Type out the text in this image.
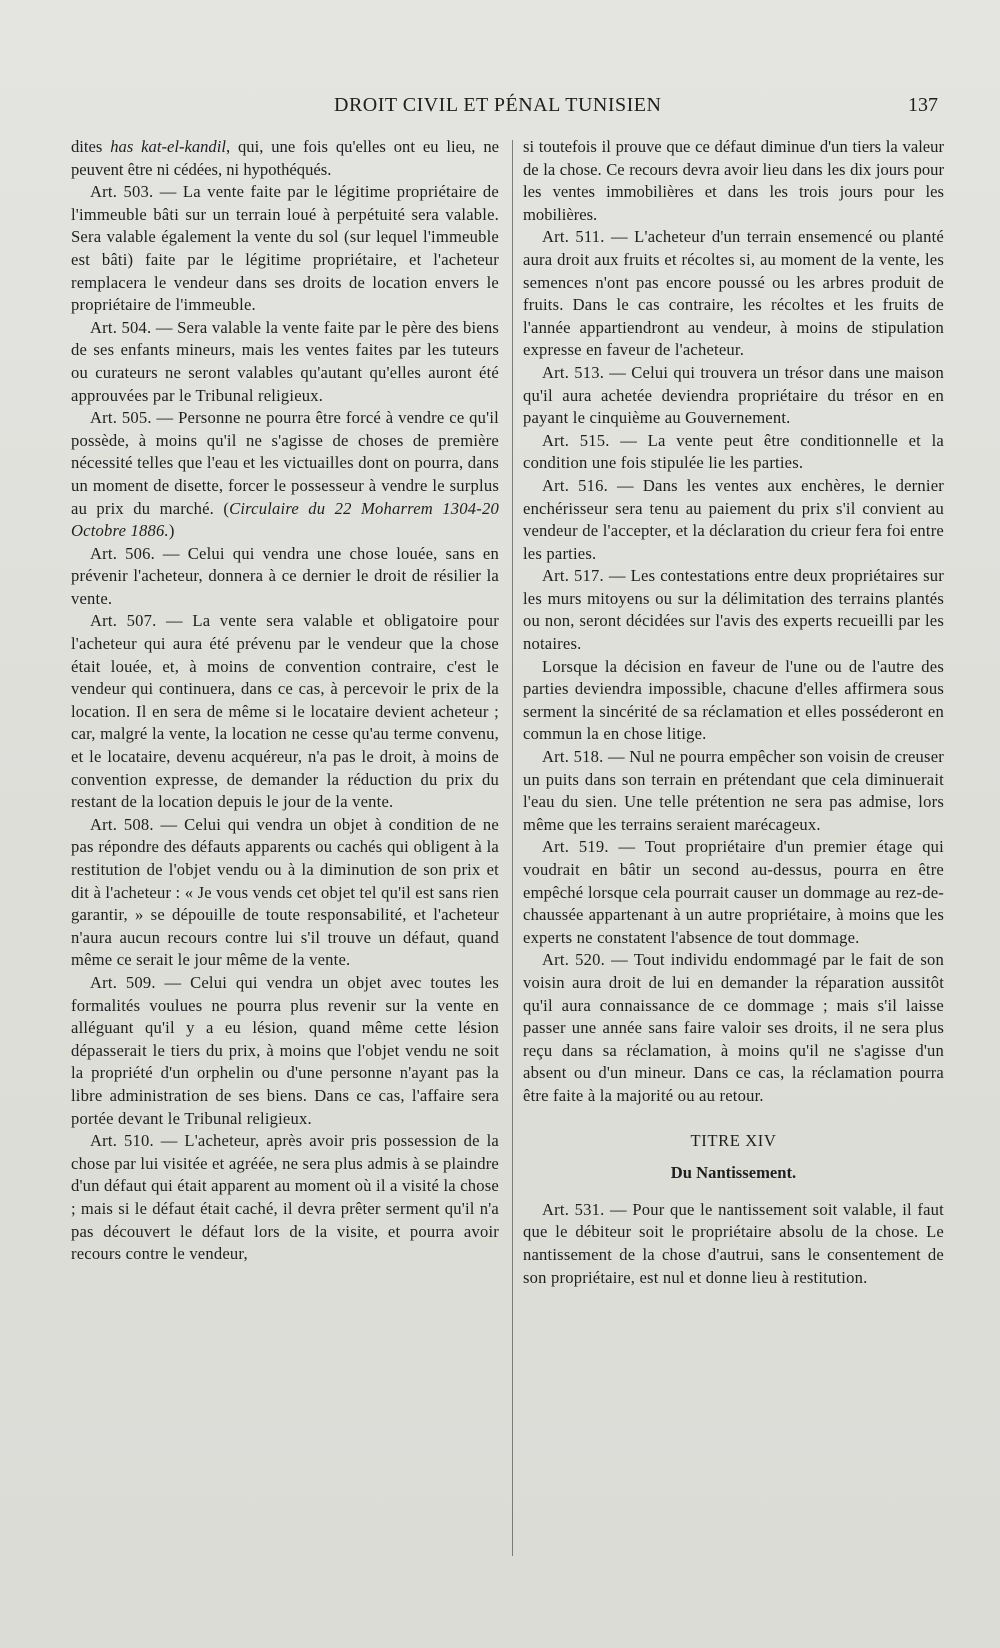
DROIT CIVIL ET PÉNAL TUNISIEN	137

dites has kat-el-kandil, qui, une fois qu'elles ont eu lieu, ne peuvent être ni cédées, ni hypothéqués.

Art. 503. — La vente faite par le légitime propriétaire de l'immeuble bâti sur un terrain loué à perpétuité sera valable. Sera valable également la vente du sol (sur lequel l'immeuble est bâti) faite par le légitime propriétaire, et l'acheteur remplacera le vendeur dans ses droits de location envers le propriétaire de l'immeuble.

Art. 504. — Sera valable la vente faite par le père des biens de ses enfants mineurs, mais les ventes faites par les tuteurs ou curateurs ne seront valables qu'autant qu'elles auront été approuvées par le Tribunal religieux.

Art. 505. — Personne ne pourra être forcé à vendre ce qu'il possède, à moins qu'il ne s'agisse de choses de première nécessité telles que l'eau et les victuailles dont on pourra, dans un moment de disette, forcer le possesseur à vendre le surplus au prix du marché. (Circulaire du 22 Moharrem 1304-20 Octobre 1886.)

Art. 506. — Celui qui vendra une chose louée, sans en prévenir l'acheteur, donnera à ce dernier le droit de résilier la vente.

Art. 507. — La vente sera valable et obligatoire pour l'acheteur qui aura été prévenu par le vendeur que la chose était louée, et, à moins de convention contraire, c'est le vendeur qui continuera, dans ce cas, à percevoir le prix de la location. Il en sera de même si le locataire devient acheteur ; car, malgré la vente, la location ne cesse qu'au terme convenu, et le locataire, devenu acquéreur, n'a pas le droit, à moins de convention expresse, de demander la réduction du prix du restant de la location depuis le jour de la vente.

Art. 508. — Celui qui vendra un objet à condition de ne pas répondre des défauts apparents ou cachés qui obligent à la restitution de l'objet vendu ou à la diminution de son prix et dit à l'acheteur : « Je vous vends cet objet tel qu'il est sans rien garantir, » se dépouille de toute responsabilité, et l'acheteur n'aura aucun recours contre lui s'il trouve un défaut, quand même ce serait le jour même de la vente.

Art. 509. — Celui qui vendra un objet avec toutes les formalités voulues ne pourra plus revenir sur la vente en alléguant qu'il y a eu lésion, quand même cette lésion dépasserait le tiers du prix, à moins que l'objet vendu ne soit la propriété d'un orphelin ou d'une personne n'ayant pas la libre administration de ses biens. Dans ce cas, l'affaire sera portée devant le Tribunal religieux.

Art. 510. — L'acheteur, après avoir pris possession de la chose par lui visitée et agréée, ne sera plus admis à se plaindre d'un défaut qui était apparent au moment où il a visité la chose ; mais si le défaut était caché, il devra prêter serment qu'il n'a pas découvert le défaut lors de la visite, et pourra avoir recours contre le vendeur,

si toutefois il prouve que ce défaut diminue d'un tiers la valeur de la chose. Ce recours devra avoir lieu dans les dix jours pour les ventes immobilières et dans les trois jours pour les mobilières.

Art. 511. — L'acheteur d'un terrain ensemencé ou planté aura droit aux fruits et récoltes si, au moment de la vente, les semences n'ont pas encore poussé ou les arbres produit de fruits. Dans le cas contraire, les récoltes et les fruits de l'année appartiendront au vendeur, à moins de stipulation expresse en faveur de l'acheteur.

Art. 513. — Celui qui trouvera un trésor dans une maison qu'il aura achetée deviendra propriétaire du trésor en en payant le cinquième au Gouvernement.

Art. 515. — La vente peut être conditionnelle et la condition une fois stipulée lie les parties.

Art. 516. — Dans les ventes aux enchères, le dernier enchérisseur sera tenu au paiement du prix s'il convient au vendeur de l'accepter, et la déclaration du crieur fera foi entre les parties.

Art. 517. — Les contestations entre deux propriétaires sur les murs mitoyens ou sur la délimitation des terrains plantés ou non, seront décidées sur l'avis des experts recueilli par les notaires.

Lorsque la décision en faveur de l'une ou de l'autre des parties deviendra impossible, chacune d'elles affirmera sous serment la sincérité de sa réclamation et elles posséderont en commun la en chose litige.

Art. 518. — Nul ne pourra empêcher son voisin de creuser un puits dans son terrain en prétendant que cela diminuerait l'eau du sien. Une telle prétention ne sera pas admise, lors même que les terrains seraient marécageux.

Art. 519. — Tout propriétaire d'un premier étage qui voudrait en bâtir un second au-dessus, pourra en être empêché lorsque cela pourrait causer un dommage au rez-de-chaussée appartenant à un autre propriétaire, à moins que les experts ne constatent l'absence de tout dommage.

Art. 520. — Tout individu endommagé par le fait de son voisin aura droit de lui en demander la réparation aussitôt qu'il aura connaissance de ce dommage ; mais s'il laisse passer une année sans faire valoir ses droits, il ne sera plus reçu dans sa réclamation, à moins qu'il ne s'agisse d'un absent ou d'un mineur. Dans ce cas, la réclamation pourra être faite à la majorité ou au retour.

TITRE XIV

Du Nantissement.

Art. 531. — Pour que le nantissement soit valable, il faut que le débiteur soit le propriétaire absolu de la chose. Le nantissement de la chose d'autrui, sans le consentement de son propriétaire, est nul et donne lieu à restitution.
